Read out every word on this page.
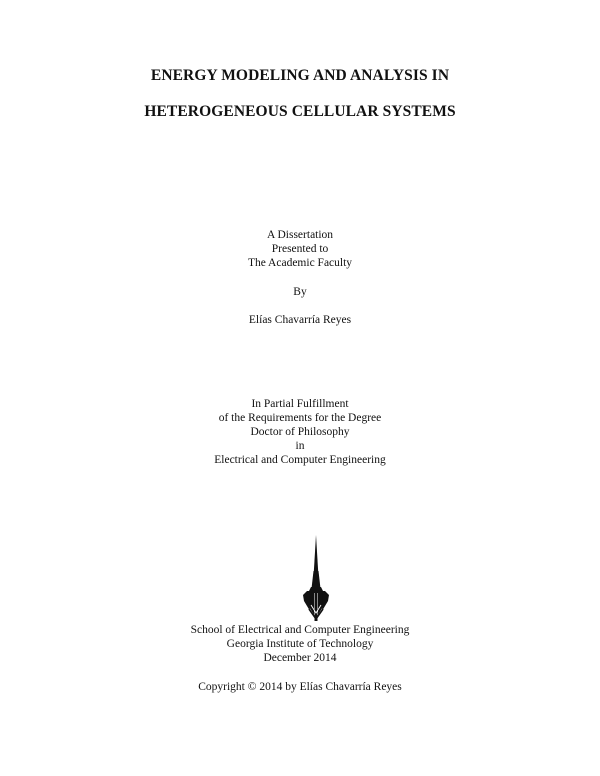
ENERGY MODELING AND ANALYSIS IN
HETEROGENEOUS CELLULAR SYSTEMS
A Dissertation
Presented to
The Academic Faculty
By
Elías Chavarría Reyes
In Partial Fulfillment
of the Requirements for the Degree
Doctor of Philosophy
in
Electrical and Computer Engineering
School of Electrical and Computer Engineering
Georgia Institute of Technology
December 2014
Copyright © 2014 by Elías Chavarría Reyes
